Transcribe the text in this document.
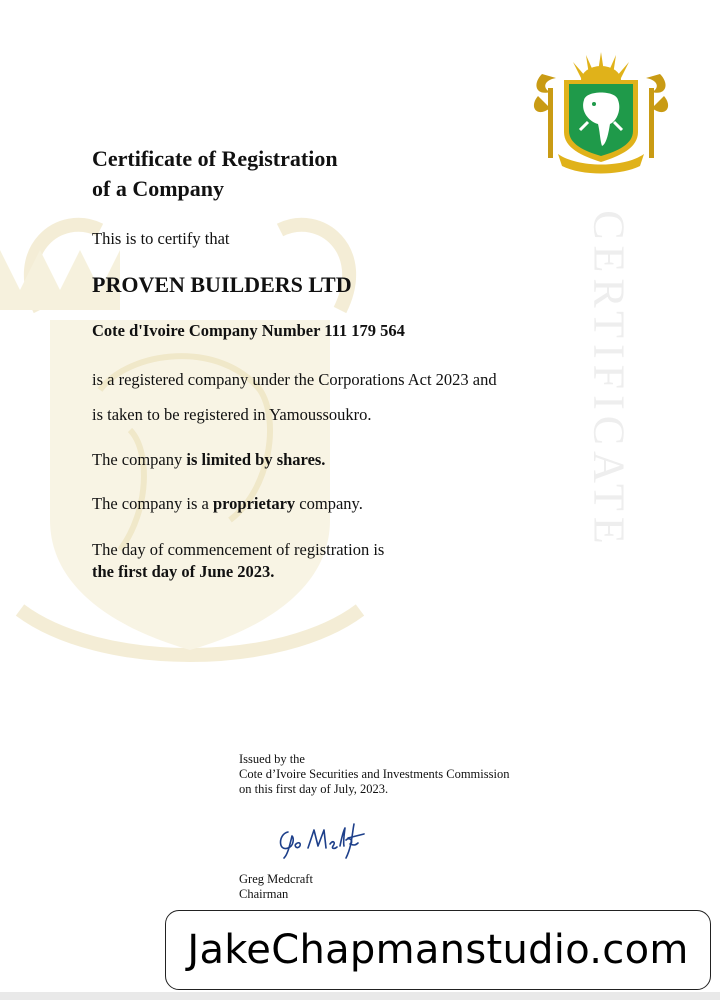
CERTIFICATE
Certificate of Registration
of a Company
This is to certify that
PROVEN BUILDERS LTD
Cote d'Ivoire Company Number 111 179 564
is a registered company under the Corporations Act 2023 and
is taken to be registered in Yamoussoukro.
The company is limited by shares.
The company is a proprietary company.
The day of commencement of registration is
the first day of June 2023.
Issued by the
Cote d’Ivoire Securities and Investments Commission
on this first day of July, 2023.
Greg Medcraft
Chairman
JakeChapmanstudio.com
